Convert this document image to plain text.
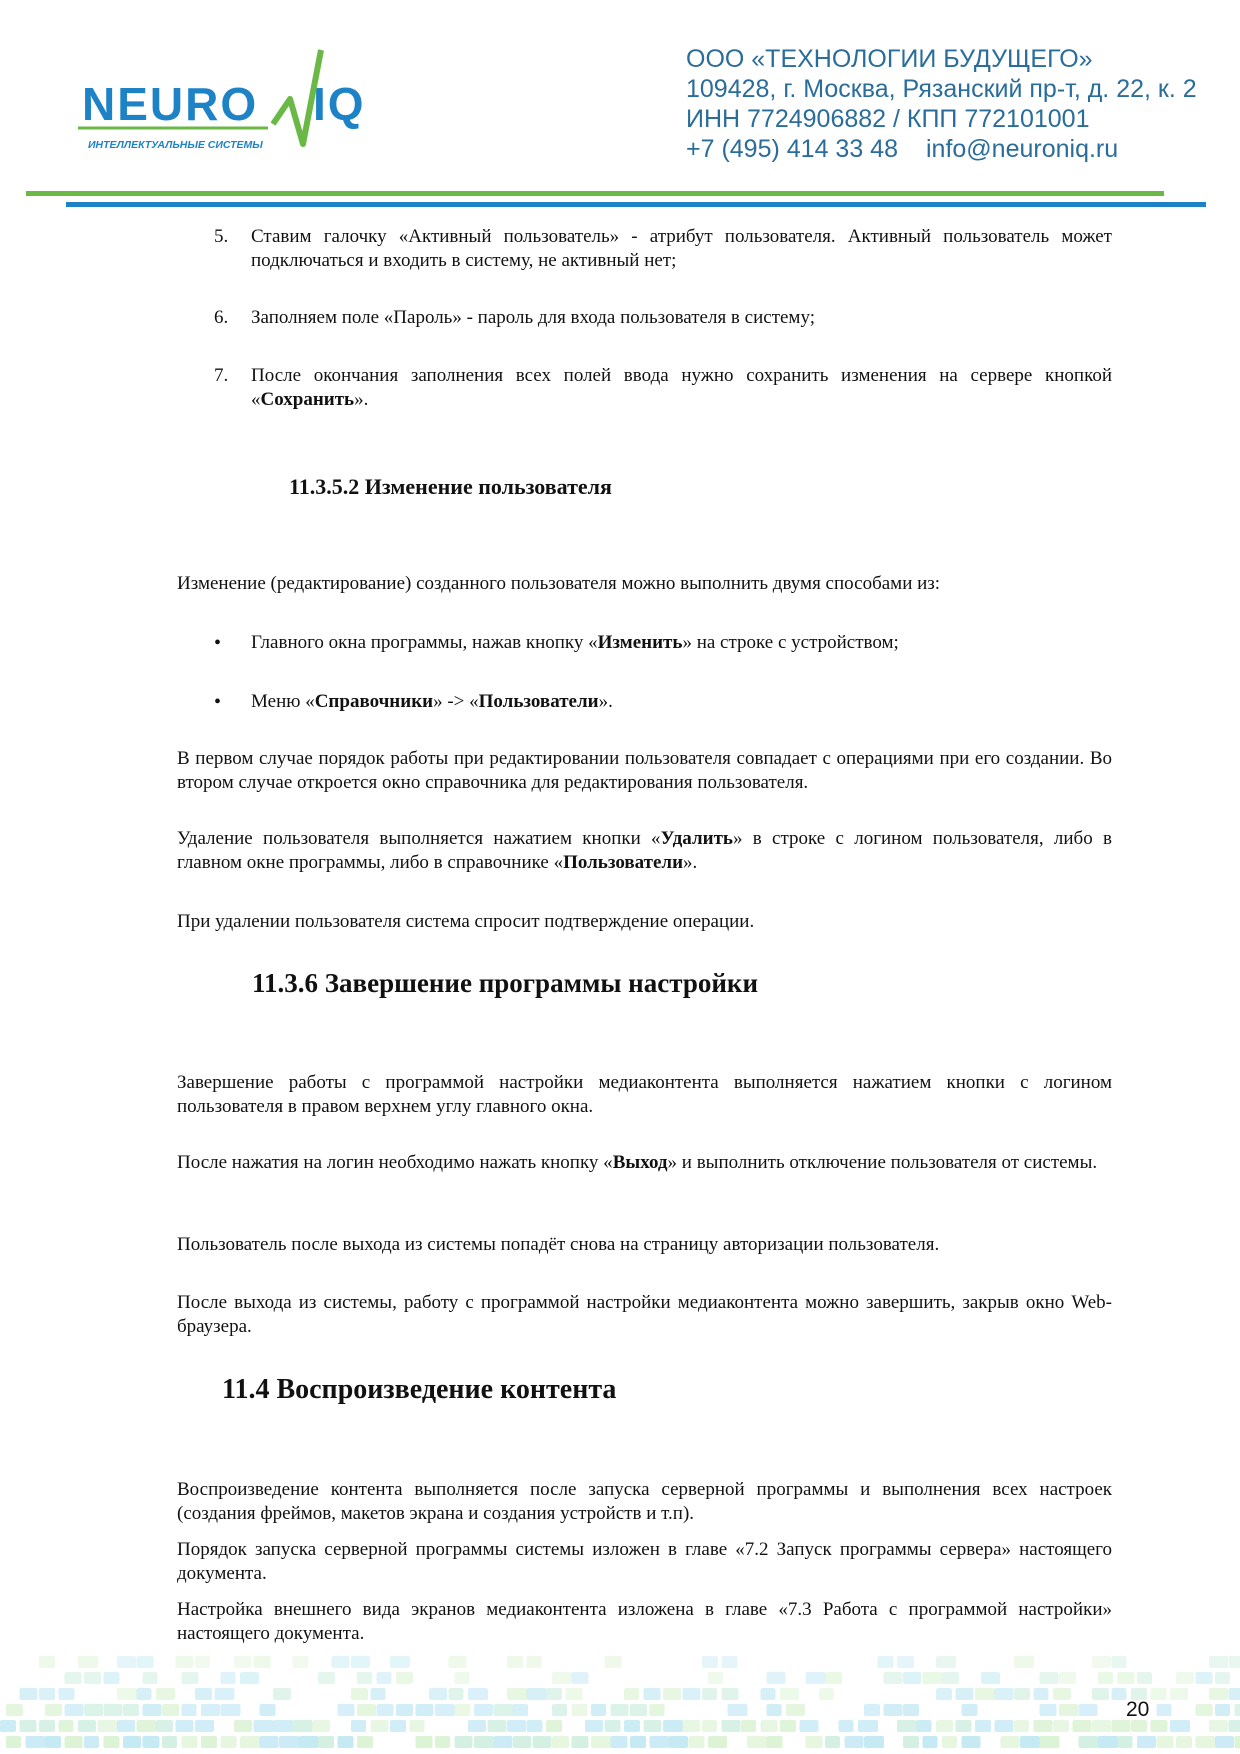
NEURO IQ
ИНТЕЛЛЕКТУАЛЬНЫЕ СИСТЕМЫ
ООО «ТЕХНОЛОГИИ БУДУЩЕГО»
109428, г. Москва, Рязанский пр-т, д. 22, к. 2
ИНН 7724906882 / КПП 772101001
+7 (495) 414 33 48 info@neuroniq.ru
5.	Ставим галочку «Активный пользователь» - атрибут пользователя. Активный пользователь может подключаться и входить в систему, не активный нет;
6.	Заполняем поле «Пароль» - пароль для входа пользователя в систему;
7.	После окончания заполнения всех полей ввода нужно сохранить изменения на сервере кнопкой «Сохранить».
11.3.5.2 Изменение пользователя
Изменение (редактирование) созданного пользователя можно выполнить двумя способами из:
• Главного окна программы, нажав кнопку «Изменить» на строке с устройством;
• Меню «Справочники» -> «Пользователи».
В первом случае порядок работы при редактировании пользователя совпадает с операциями при его создании. Во втором случае откроется окно справочника для редактирования пользователя.
Удаление пользователя выполняется нажатием кнопки «Удалить» в строке с логином пользователя, либо в главном окне программы, либо в справочнике «Пользователи».
При удалении пользователя система спросит подтверждение операции.
11.3.6 Завершение программы настройки
Завершение работы с программой настройки медиаконтента выполняется нажатием кнопки с логином пользователя в правом верхнем углу главного окна.
После нажатия на логин необходимо нажать кнопку «Выход» и выполнить отключение пользователя от системы.
Пользователь после выхода из системы попадёт снова на страницу авторизации пользователя.
После выхода из системы, работу с программой настройки медиаконтента можно завершить, закрыв окно Web-браузера.
11.4 Воспроизведение контента
Воспроизведение контента выполняется после запуска серверной программы и выполнения всех настроек (создания фреймов, макетов экрана и создания устройств и т.п).
Порядок запуска серверной программы системы изложен в главе «7.2 Запуск программы сервера» настоящего документа.
Настройка внешнего вида экранов медиаконтента изложена в главе «7.3 Работа с программой настройки» настоящего документа.
20
